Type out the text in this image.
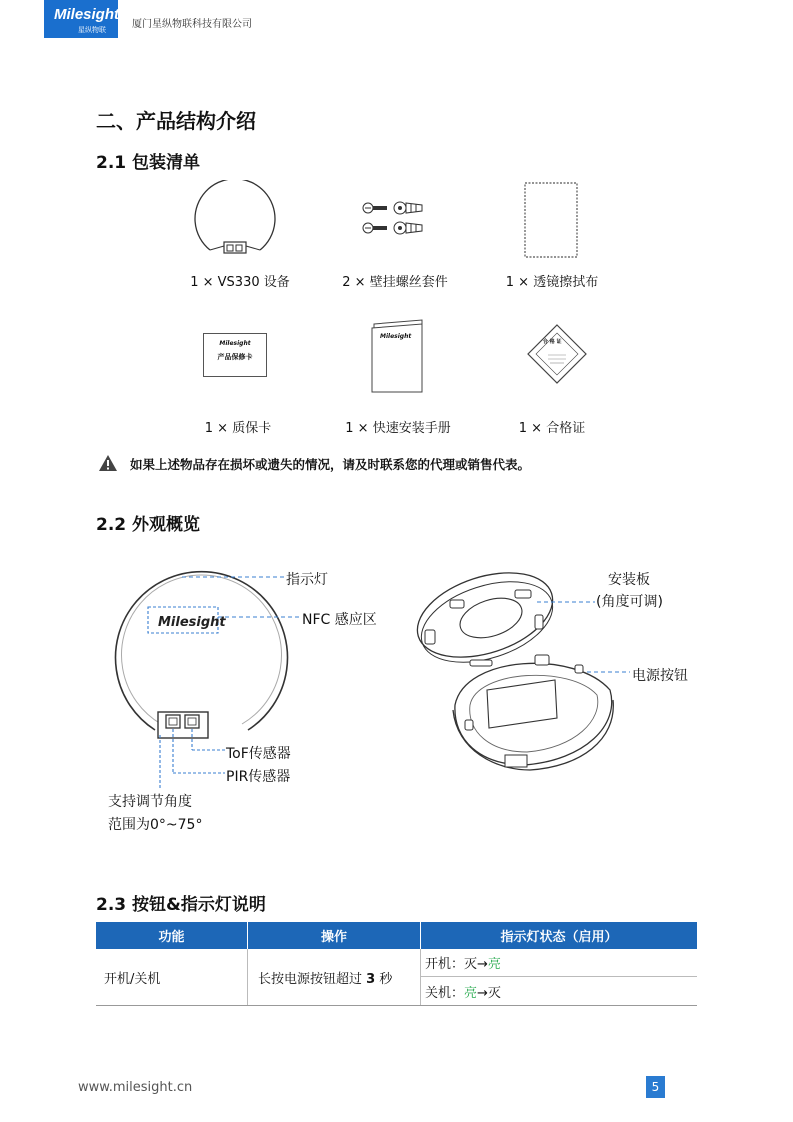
Milesight
星纵物联	厦门星纵物联科技有限公司
二、产品结构介绍
2.1 包装清单
1 × VS330 设备	2 × 壁挂螺丝套件	1 × 透镜擦拭布
Milesight
产品保修卡
Milesight
合 格 证
1 × 质保卡	1 × 快速安装手册	1 × 合格证
如果上述物品存在损坏或遗失的情况，请及时联系您的代理或销售代表。
2.2 外观概览
Milesight
指示灯
NFC 感应区
ToF传感器
PIR传感器
支持调节角度
范围为0°~75°
安装板
(角度可调)
电源按钮
2.3 按钮&指示灯说明
功能	操作	指示灯状态（启用）
开机/关机	长按电源按钮超过 3 秒	开机：灭→亮
		关机：亮→灭
www.milesight.cn	5
